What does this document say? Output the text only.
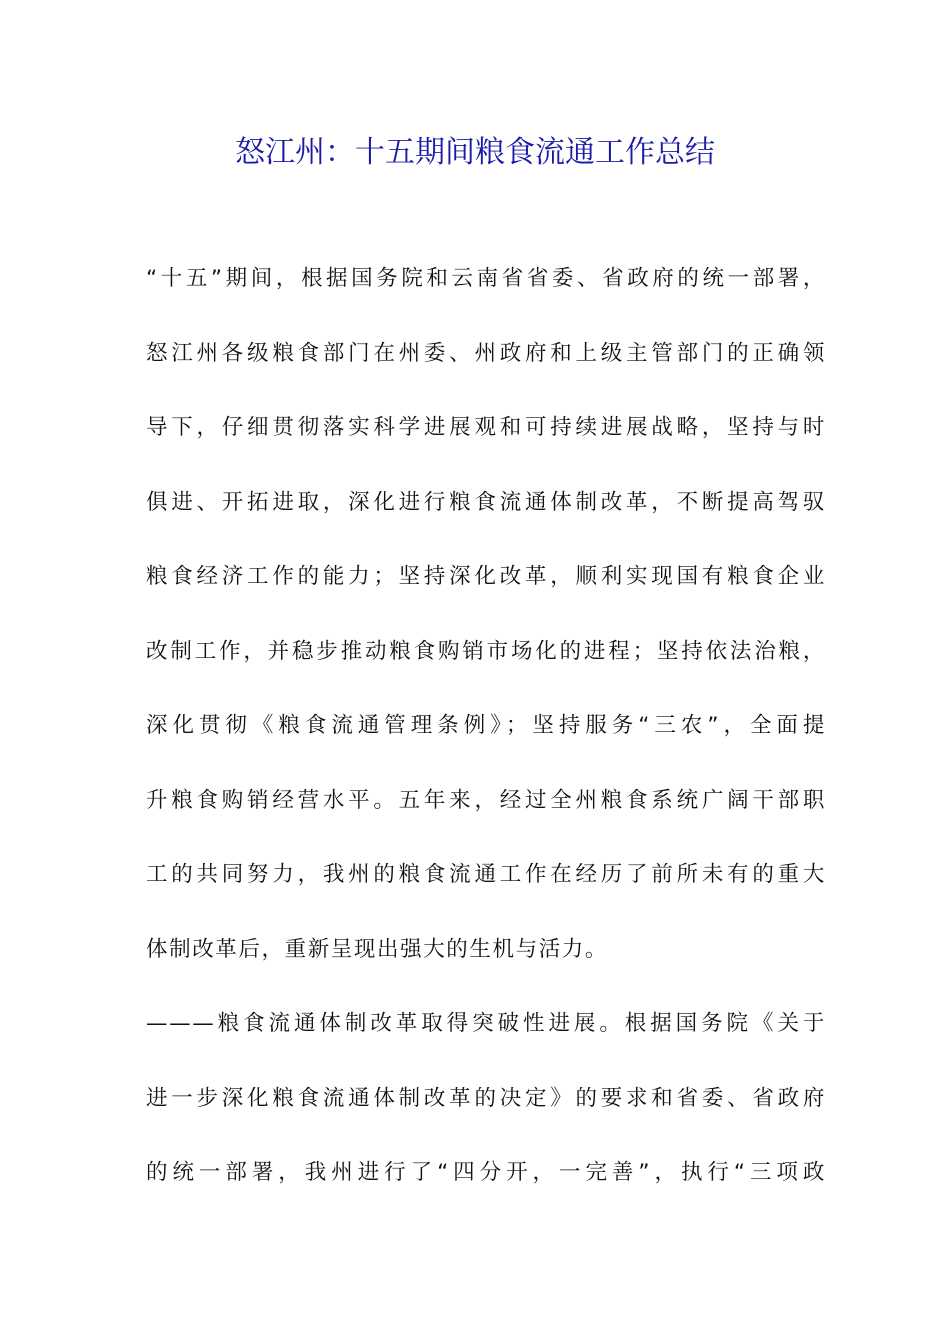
怒江州：十五期间粮食流通工作总结
“十五”期间，根据国务院和云南省省委、省政府的统一部署，
怒江州各级粮食部门在州委、州政府和上级主管部门的正确领
导下，仔细贯彻落实科学进展观和可持续进展战略，坚持与时
俱进、开拓进取，深化进行粮食流通体制改革，不断提高驾驭
粮食经济工作的能力；坚持深化改革，顺利实现国有粮食企业
改制工作，并稳步推动粮食购销市场化的进程；坚持依法治粮，
深化贯彻《粮食流通管理条例》；坚持服务“三农”，全面提
升粮食购销经营水平。五年来，经过全州粮食系统广阔干部职
工的共同努力，我州的粮食流通工作在经历了前所未有的重大
体制改革后，重新呈现出强大的生机与活力。
———粮食流通体制改革取得突破性进展。根据国务院《关于
进一步深化粮食流通体制改革的决定》的要求和省委、省政府
的统一部署，我州进行了“四分开，一完善”，执行“三项政
